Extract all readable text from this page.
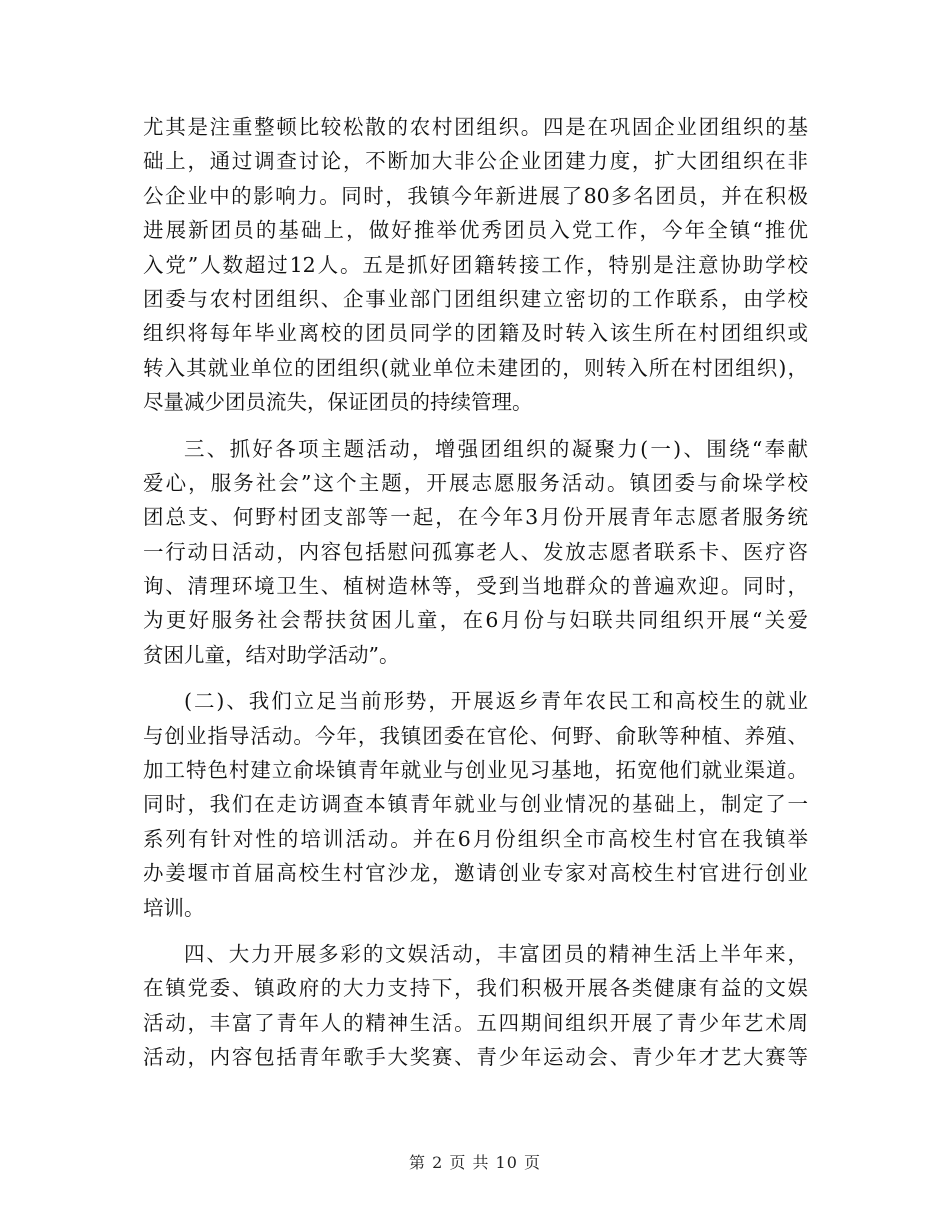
尤其是注重整顿比较松散的农村团组织。四是在巩固企业团组织的基
础上，通过调查讨论，不断加大非公企业团建力度，扩大团组织在非
公企业中的影响力。同时，我镇今年新进展了80多名团员，并在积极
进展新团员的基础上，做好推举优秀团员入党工作，今年全镇“推优
入党”人数超过12人。五是抓好团籍转接工作，特别是注意协助学校
团委与农村团组织、企事业部门团组织建立密切的工作联系，由学校
组织将每年毕业离校的团员同学的团籍及时转入该生所在村团组织或
转入其就业单位的团组织(就业单位未建团的，则转入所在村团组织)，
尽量减少团员流失，保证团员的持续管理。
三、抓好各项主题活动，增强团组织的凝聚力(一)、围绕“奉献
爱心，服务社会”这个主题，开展志愿服务活动。镇团委与俞垛学校
团总支、何野村团支部等一起，在今年3月份开展青年志愿者服务统
一行动日活动，内容包括慰问孤寡老人、发放志愿者联系卡、医疗咨
询、清理环境卫生、植树造林等，受到当地群众的普遍欢迎。同时，
为更好服务社会帮扶贫困儿童，在6月份与妇联共同组织开展“关爱
贫困儿童，结对助学活动”。
(二)、我们立足当前形势，开展返乡青年农民工和高校生的就业
与创业指导活动。今年，我镇团委在官伦、何野、俞耿等种植、养殖、
加工特色村建立俞垛镇青年就业与创业见习基地，拓宽他们就业渠道。
同时，我们在走访调查本镇青年就业与创业情况的基础上，制定了一
系列有针对性的培训活动。并在6月份组织全市高校生村官在我镇举
办姜堰市首届高校生村官沙龙，邀请创业专家对高校生村官进行创业
培训。
四、大力开展多彩的文娱活动，丰富团员的精神生活上半年来，
在镇党委、镇政府的大力支持下，我们积极开展各类健康有益的文娱
活动，丰富了青年人的精神生活。五四期间组织开展了青少年艺术周
活动，内容包括青年歌手大奖赛、青少年运动会、青少年才艺大赛等
第 2 页 共 10 页
